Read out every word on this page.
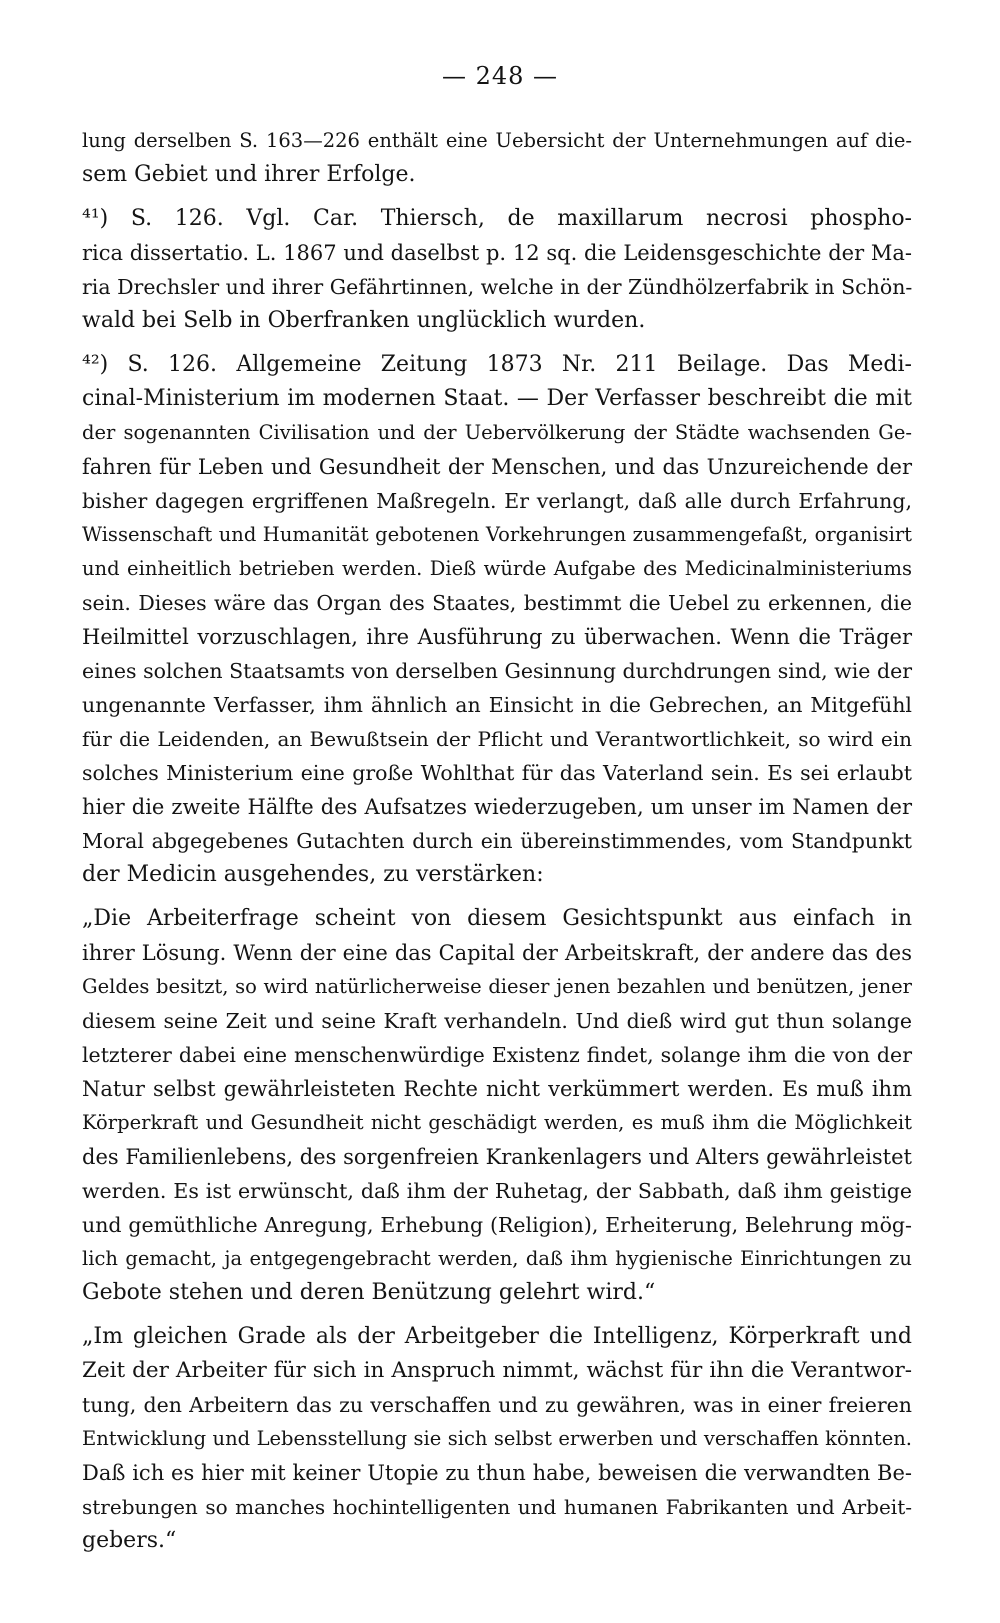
— 248 —
lung derselben S. 163—226 enthält eine Uebersicht der Unternehmungen auf die-
sem Gebiet und ihrer Erfolge.
⁴¹) S. 126. Vgl. Car. Thiersch, de maxillarum necrosi phospho-
rica dissertatio. L. 1867 und daselbst p. 12 sq. die Leidensgeschichte der Ma-
ria Drechsler und ihrer Gefährtinnen, welche in der Zündhölzerfabrik in Schön-
wald bei Selb in Oberfranken unglücklich wurden.
⁴²) S. 126. Allgemeine Zeitung 1873 Nr. 211 Beilage. Das Medi-
cinal-Ministerium im modernen Staat. — Der Verfasser beschreibt die mit
der sogenannten Civilisation und der Uebervölkerung der Städte wachsenden Ge-
fahren für Leben und Gesundheit der Menschen, und das Unzureichende der
bisher dagegen ergriffenen Maßregeln. Er verlangt, daß alle durch Erfahrung,
Wissenschaft und Humanität gebotenen Vorkehrungen zusammengefaßt, organisirt
und einheitlich betrieben werden. Dieß würde Aufgabe des Medicinalministeriums
sein. Dieses wäre das Organ des Staates, bestimmt die Uebel zu erkennen, die
Heilmittel vorzuschlagen, ihre Ausführung zu überwachen. Wenn die Träger
eines solchen Staatsamts von derselben Gesinnung durchdrungen sind, wie der
ungenannte Verfasser, ihm ähnlich an Einsicht in die Gebrechen, an Mitgefühl
für die Leidenden, an Bewußtsein der Pflicht und Verantwortlichkeit, so wird ein
solches Ministerium eine große Wohlthat für das Vaterland sein. Es sei erlaubt
hier die zweite Hälfte des Aufsatzes wiederzugeben, um unser im Namen der
Moral abgegebenes Gutachten durch ein übereinstimmendes, vom Standpunkt
der Medicin ausgehendes, zu verstärken:
„Die Arbeiterfrage scheint von diesem Gesichtspunkt aus einfach in
ihrer Lösung. Wenn der eine das Capital der Arbeitskraft, der andere das des
Geldes besitzt, so wird natürlicherweise dieser jenen bezahlen und benützen, jener
diesem seine Zeit und seine Kraft verhandeln. Und dieß wird gut thun solange
letzterer dabei eine menschenwürdige Existenz findet, solange ihm die von der
Natur selbst gewährleisteten Rechte nicht verkümmert werden. Es muß ihm
Körperkraft und Gesundheit nicht geschädigt werden, es muß ihm die Möglichkeit
des Familienlebens, des sorgenfreien Krankenlagers und Alters gewährleistet
werden. Es ist erwünscht, daß ihm der Ruhetag, der Sabbath, daß ihm geistige
und gemüthliche Anregung, Erhebung (Religion), Erheiterung, Belehrung mög-
lich gemacht, ja entgegengebracht werden, daß ihm hygienische Einrichtungen zu
Gebote stehen und deren Benützung gelehrt wird.“
„Im gleichen Grade als der Arbeitgeber die Intelligenz, Körperkraft und
Zeit der Arbeiter für sich in Anspruch nimmt, wächst für ihn die Verantwor-
tung, den Arbeitern das zu verschaffen und zu gewähren, was in einer freieren
Entwicklung und Lebensstellung sie sich selbst erwerben und verschaffen könnten.
Daß ich es hier mit keiner Utopie zu thun habe, beweisen die verwandten Be-
strebungen so manches hochintelligenten und humanen Fabrikanten und Arbeit-
gebers.“
